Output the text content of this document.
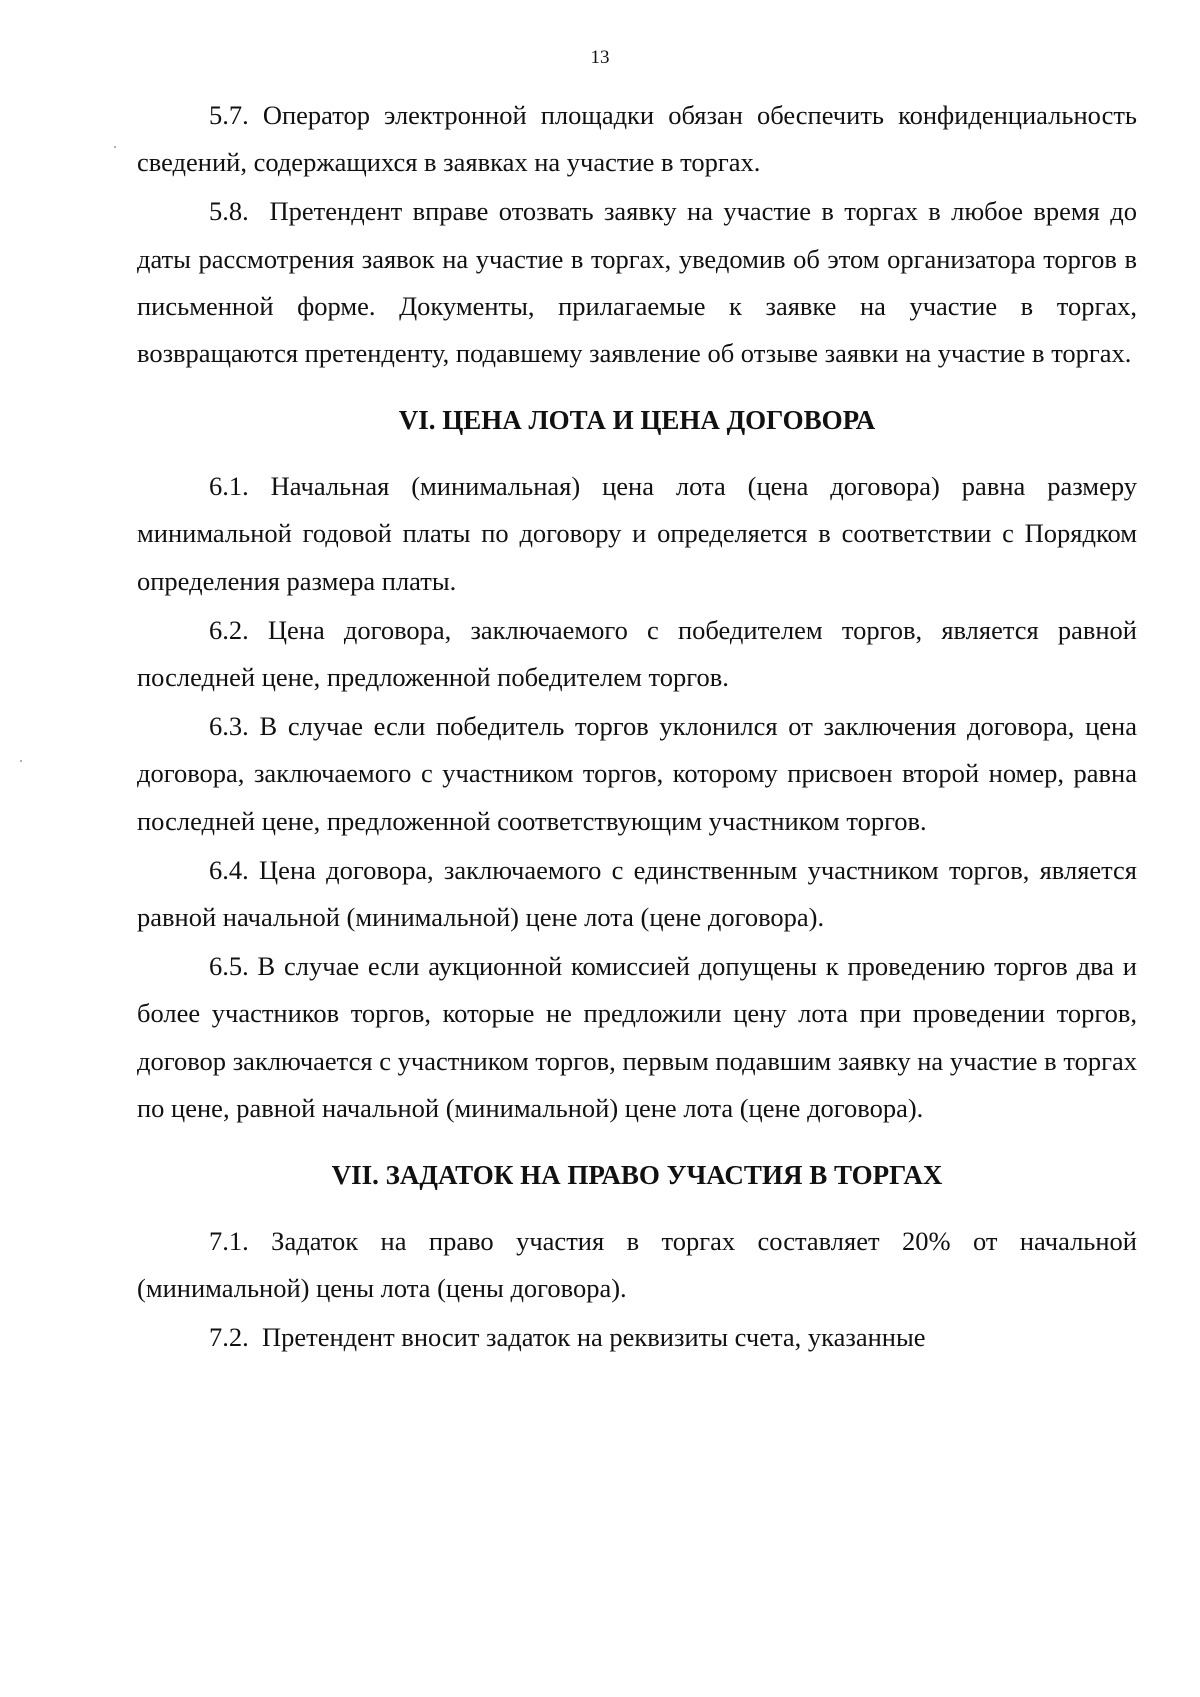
13

5.7. Оператор электронной площадки обязан обеспечить конфиденциальность сведений, содержащихся в заявках на участие в торгах.

5.8.  Претендент вправе отозвать заявку на участие в торгах в любое время до даты рассмотрения заявок на участие в торгах, уведомив об этом организатора торгов в письменной форме. Документы, прилагаемые к заявке на участие в торгах, возвращаются претенденту, подавшему заявление об отзыве заявки на участие в торгах.

VI. ЦЕНА ЛОТА И ЦЕНА ДОГОВОРА

6.1. Начальная (минимальная) цена лота (цена договора) равна размеру минимальной годовой платы по договору и определяется в соответствии с Порядком определения размера платы.

6.2. Цена договора, заключаемого с победителем торгов, является равной последней цене, предложенной победителем торгов.

6.3. В случае если победитель торгов уклонился от заключения договора, цена договора, заключаемого с участником торгов, которому присвоен второй номер, равна последней цене, предложенной соответствующим участником торгов.

6.4. Цена договора, заключаемого с единственным участником торгов, является равной начальной (минимальной) цене лота (цене договора).

6.5. В случае если аукционной комиссией допущены к проведению торгов два и более участников торгов, которые не предложили цену лота при проведении торгов, договор заключается с участником торгов, первым подавшим заявку на участие в торгах по цене, равной начальной (минимальной) цене лота (цене договора).

VII. ЗАДАТОК НА ПРАВО УЧАСТИЯ В ТОРГАХ

7.1. Задаток на право участия в торгах составляет 20% от начальной (минимальной) цены лота (цены договора).

7.2.  Претендент вносит задаток на реквизиты счета, указанные
